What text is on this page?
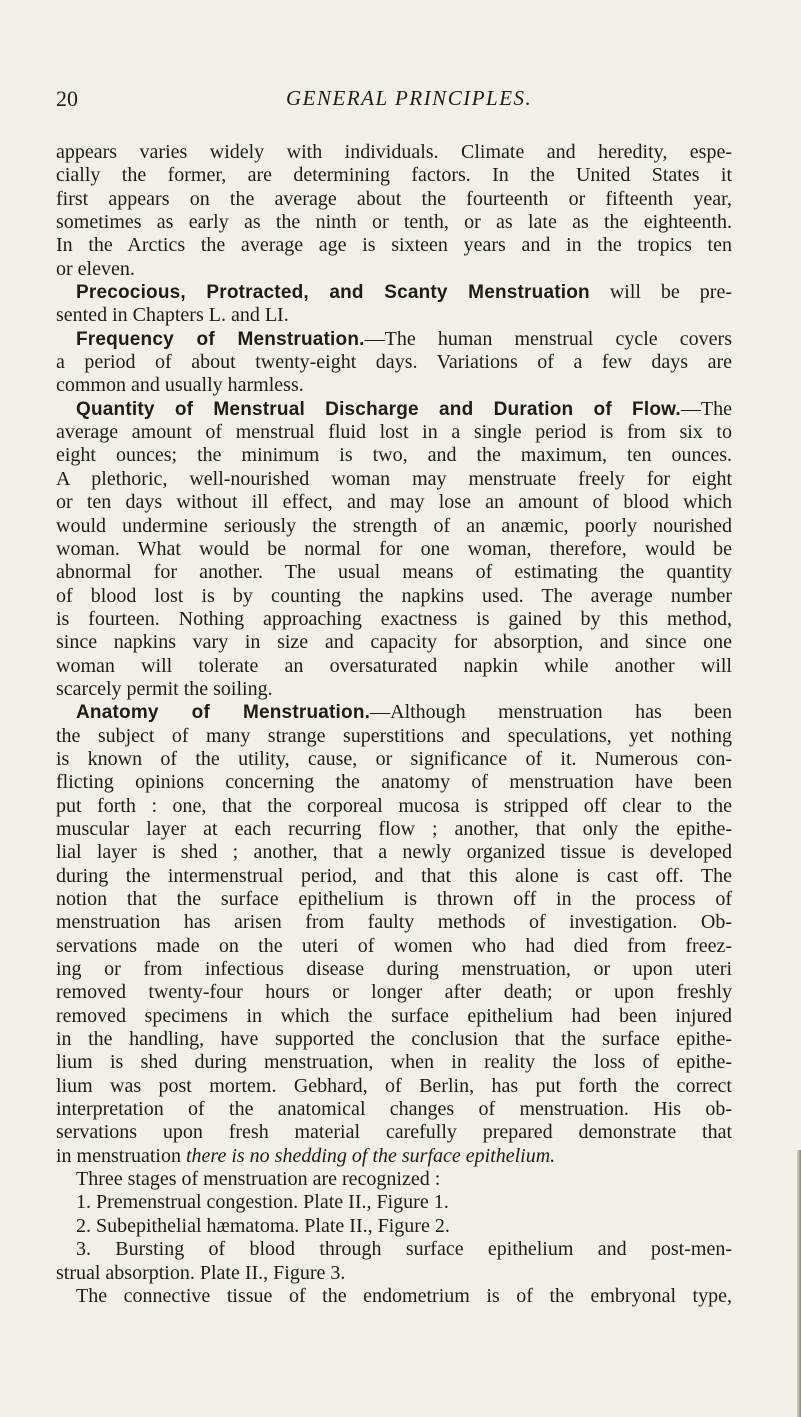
20	GENERAL PRINCIPLES.
appears varies widely with individuals. Climate and heredity, espe-
cially the former, are determining factors. In the United States it
first appears on the average about the fourteenth or fifteenth year,
sometimes as early as the ninth or tenth, or as late as the eighteenth.
In the Arctics the average age is sixteen years and in the tropics ten
or eleven.
Precocious, Protracted, and Scanty Menstruation will be pre-
sented in Chapters L. and LI.
Frequency of Menstruation.—The human menstrual cycle covers
a period of about twenty-eight days. Variations of a few days are
common and usually harmless.
Quantity of Menstrual Discharge and Duration of Flow.—The
average amount of menstrual fluid lost in a single period is from six to
eight ounces; the minimum is two, and the maximum, ten ounces.
A plethoric, well-nourished woman may menstruate freely for eight
or ten days without ill effect, and may lose an amount of blood which
would undermine seriously the strength of an anæmic, poorly nourished
woman. What would be normal for one woman, therefore, would be
abnormal for another. The usual means of estimating the quantity
of blood lost is by counting the napkins used. The average number
is fourteen. Nothing approaching exactness is gained by this method,
since napkins vary in size and capacity for absorption, and since one
woman will tolerate an oversaturated napkin while another will
scarcely permit the soiling.
Anatomy of Menstruation.—Although menstruation has been
the subject of many strange superstitions and speculations, yet nothing
is known of the utility, cause, or significance of it. Numerous con-
flicting opinions concerning the anatomy of menstruation have been
put forth : one, that the corporeal mucosa is stripped off clear to the
muscular layer at each recurring flow ; another, that only the epithe-
lial layer is shed ; another, that a newly organized tissue is developed
during the intermenstrual period, and that this alone is cast off. The
notion that the surface epithelium is thrown off in the process of
menstruation has arisen from faulty methods of investigation. Ob-
servations made on the uteri of women who had died from freez-
ing or from infectious disease during menstruation, or upon uteri
removed twenty-four hours or longer after death; or upon freshly
removed specimens in which the surface epithelium had been injured
in the handling, have supported the conclusion that the surface epithe-
lium is shed during menstruation, when in reality the loss of epithe-
lium was post mortem. Gebhard, of Berlin, has put forth the correct
interpretation of the anatomical changes of menstruation. His ob-
servations upon fresh material carefully prepared demonstrate that
in menstruation there is no shedding of the surface epithelium.
Three stages of menstruation are recognized :
1. Premenstrual congestion. Plate II., Figure 1.
2. Subepithelial hæmatoma. Plate II., Figure 2.
3. Bursting of blood through surface epithelium and post-men-
strual absorption. Plate II., Figure 3.
The connective tissue of the endometrium is of the embryonal type,
